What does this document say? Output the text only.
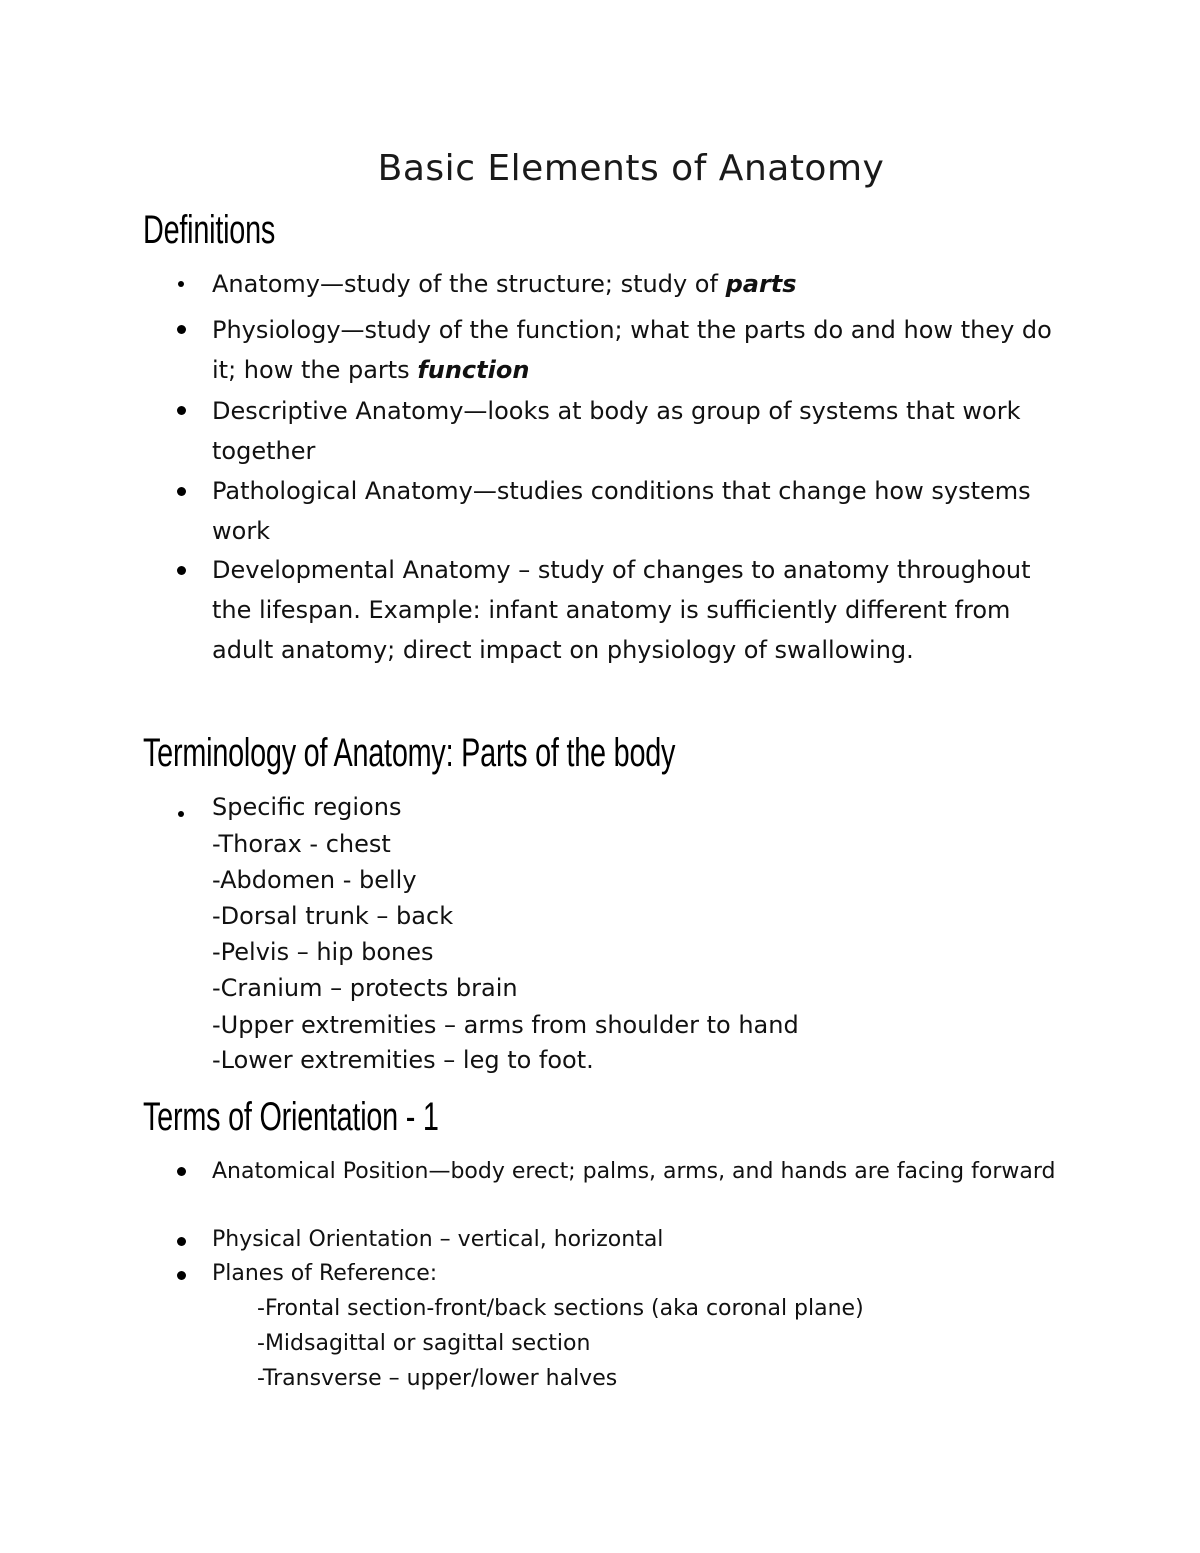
Basic Elements of Anatomy
Definitions
Anatomy—study of the structure; study of parts
Physiology—study of the function; what the parts do and how they do it; how the parts function
Descriptive Anatomy—looks at body as group of systems that work together
Pathological Anatomy—studies conditions that change how systems work
Developmental Anatomy – study of changes to anatomy throughout the lifespan. Example: infant anatomy is sufficiently different from adult anatomy; direct impact on physiology of swallowing.
Terminology of Anatomy: Parts of the body
Specific regions
-Thorax - chest
-Abdomen - belly
-Dorsal trunk – back
-Pelvis – hip bones
-Cranium – protects brain
-Upper extremities – arms from shoulder to hand
-Lower extremities – leg to foot.
Terms of Orientation - 1
Anatomical Position—body erect; palms, arms, and hands are facing forward
Physical Orientation – vertical, horizontal
Planes of Reference:
-Frontal section-front/back sections (aka coronal plane)
-Midsagittal or sagittal section
-Transverse – upper/lower halves
